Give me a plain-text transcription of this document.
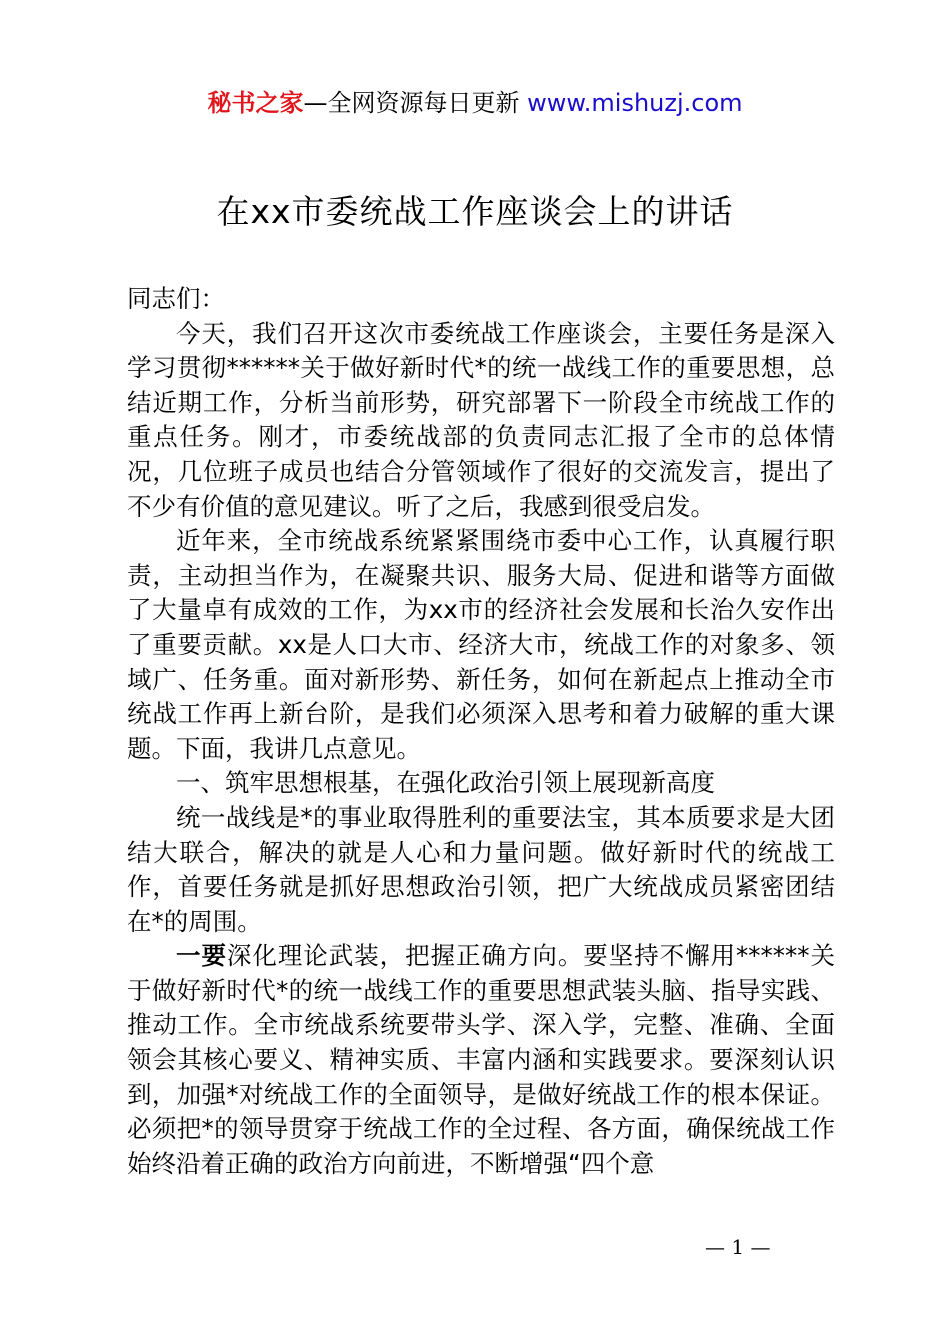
秘书之家—全网资源每日更新 www.mishuzj.com
在xx市委统战工作座谈会上的讲话

同志们：

今天，我们召开这次市委统战工作座谈会，主要任务是深入学习贯彻******关于做好新时代*的统一战线工作的重要思想，总结近期工作，分析当前形势，研究部署下一阶段全市统战工作的重点任务。刚才，市委统战部的负责同志汇报了全市的总体情况，几位班子成员也结合分管领域作了很好的交流发言，提出了不少有价值的意见建议。听了之后，我感到很受启发。

近年来，全市统战系统紧紧围绕市委中心工作，认真履行职责，主动担当作为，在凝聚共识、服务大局、促进和谐等方面做了大量卓有成效的工作，为xx市的经济社会发展和长治久安作出了重要贡献。xx是人口大市、经济大市，统战工作的对象多、领域广、任务重。面对新形势、新任务，如何在新起点上推动全市统战工作再上新台阶，是我们必须深入思考和着力破解的重大课题。下面，我讲几点意见。

一、筑牢思想根基，在强化政治引领上展现新高度

统一战线是*的事业取得胜利的重要法宝，其本质要求是大团结大联合，解决的就是人心和力量问题。做好新时代的统战工作，首要任务就是抓好思想政治引领，把广大统战成员紧密团结在*的周围。

一要深化理论武装，把握正确方向。要坚持不懈用******关于做好新时代*的统一战线工作的重要思想武装头脑、指导实践、推动工作。全市统战系统要带头学、深入学，完整、准确、全面领会其核心要义、精神实质、丰富内涵和实践要求。要深刻认识到，加强*对统战工作的全面领导，是做好统战工作的根本保证。必须把*的领导贯穿于统战工作的全过程、各方面，确保统战工作始终沿着正确的政治方向前进，不断增强“四个意

— 1 —
